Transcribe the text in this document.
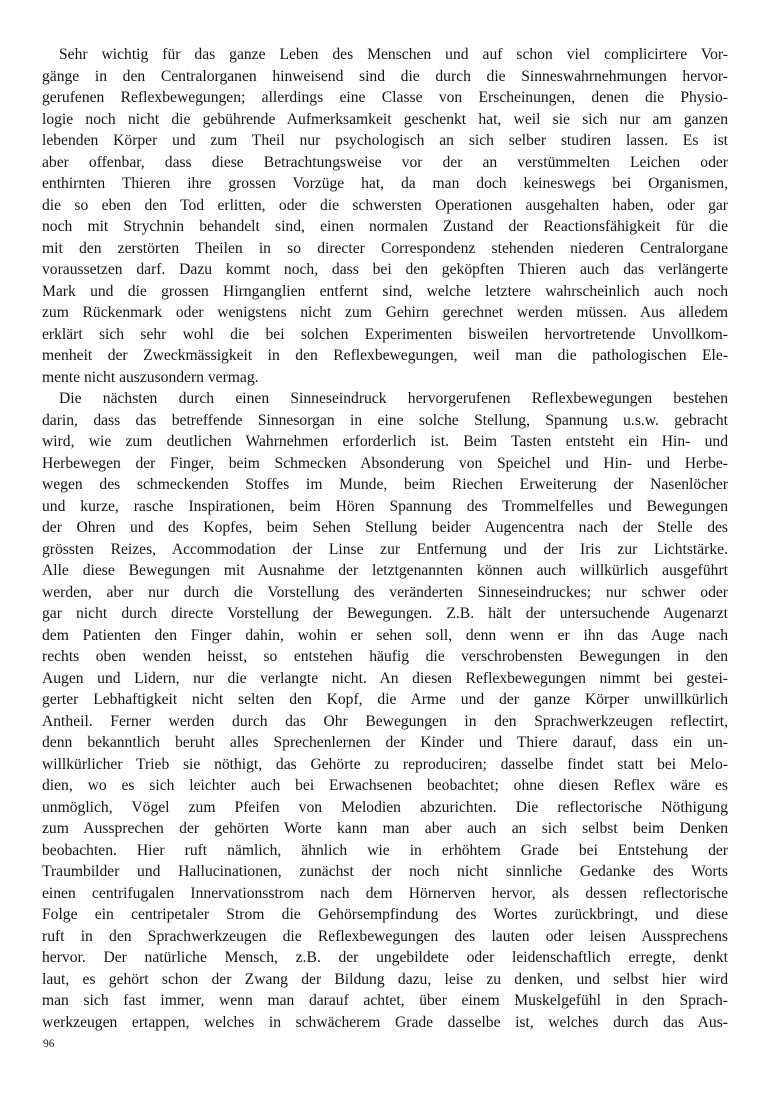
Sehr wichtig für das ganze Leben des Menschen und auf schon viel complicirtere Vor-
gänge in den Centralorganen hinweisend sind die durch die Sinneswahrnehmungen hervor-
gerufenen Reflexbewegungen; allerdings eine Classe von Erscheinungen, denen die Physio-
logie noch nicht die gebührende Aufmerksamkeit geschenkt hat, weil sie sich nur am ganzen
lebenden Körper und zum Theil nur psychologisch an sich selber studiren lassen. Es ist
aber offenbar, dass diese Betrachtungsweise vor der an verstümmelten Leichen oder
enthirnten Thieren ihre grossen Vorzüge hat, da man doch keineswegs bei Organismen,
die so eben den Tod erlitten, oder die schwersten Operationen ausgehalten haben, oder gar
noch mit Strychnin behandelt sind, einen normalen Zustand der Reactionsfähigkeit für die
mit den zerstörten Theilen in so directer Correspondenz stehenden niederen Centralorgane
voraussetzen darf. Dazu kommt noch, dass bei den geköpften Thieren auch das verlängerte
Mark und die grossen Hirnganglien entfernt sind, welche letztere wahrscheinlich auch noch
zum Rückenmark oder wenigstens nicht zum Gehirn gerechnet werden müssen. Aus alledem
erklärt sich sehr wohl die bei solchen Experimenten bisweilen hervortretende Unvollkom-
menheit der Zweckmässigkeit in den Reflexbewegungen, weil man die pathologischen Ele-
mente nicht auszusondern vermag.
Die nächsten durch einen Sinneseindruck hervorgerufenen Reflexbewegungen bestehen
darin, dass das betreffende Sinnesorgan in eine solche Stellung, Spannung u.s.w. gebracht
wird, wie zum deutlichen Wahrnehmen erforderlich ist. Beim Tasten entsteht ein Hin- und
Herbewegen der Finger, beim Schmecken Absonderung von Speichel und Hin- und Herbe-
wegen des schmeckenden Stoffes im Munde, beim Riechen Erweiterung der Nasenlöcher
und kurze, rasche Inspirationen, beim Hören Spannung des Trommelfelles und Bewegungen
der Ohren und des Kopfes, beim Sehen Stellung beider Augencentra nach der Stelle des
grössten Reizes, Accommodation der Linse zur Entfernung und der Iris zur Lichtstärke.
Alle diese Bewegungen mit Ausnahme der letztgenannten können auch willkürlich ausgeführt
werden, aber nur durch die Vorstellung des veränderten Sinneseindruckes; nur schwer oder
gar nicht durch directe Vorstellung der Bewegungen. Z.B. hält der untersuchende Augenarzt
dem Patienten den Finger dahin, wohin er sehen soll, denn wenn er ihn das Auge nach
rechts oben wenden heisst, so entstehen häufig die verschrobensten Bewegungen in den
Augen und Lidern, nur die verlangte nicht. An diesen Reflexbewegungen nimmt bei gestei-
gerter Lebhaftigkeit nicht selten den Kopf, die Arme und der ganze Körper unwillkürlich
Antheil. Ferner werden durch das Ohr Bewegungen in den Sprachwerkzeugen reflectirt,
denn bekanntlich beruht alles Sprechenlernen der Kinder und Thiere darauf, dass ein un-
willkürlicher Trieb sie nöthigt, das Gehörte zu reproduciren; dasselbe findet statt bei Melo-
dien, wo es sich leichter auch bei Erwachsenen beobachtet; ohne diesen Reflex wäre es
unmöglich, Vögel zum Pfeifen von Melodien abzurichten. Die reflectorische Nöthigung
zum Aussprechen der gehörten Worte kann man aber auch an sich selbst beim Denken
beobachten. Hier ruft nämlich, ähnlich wie in erhöhtem Grade bei Entstehung der
Traumbilder und Hallucinationen, zunächst der noch nicht sinnliche Gedanke des Worts
einen centrifugalen Innervationsstrom nach dem Hörnerven hervor, als dessen reflectorische
Folge ein centripetaler Strom die Gehörsempfindung des Wortes zurückbringt, und diese
ruft in den Sprachwerkzeugen die Reflexbewegungen des lauten oder leisen Aussprechens
hervor. Der natürliche Mensch, z.B. der ungebildete oder leidenschaftlich erregte, denkt
laut, es gehört schon der Zwang der Bildung dazu, leise zu denken, und selbst hier wird
man sich fast immer, wenn man darauf achtet, über einem Muskelgefühl in den Sprach-
werkzeugen ertappen, welches in schwächerem Grade dasselbe ist, welches durch das Aus-
96
